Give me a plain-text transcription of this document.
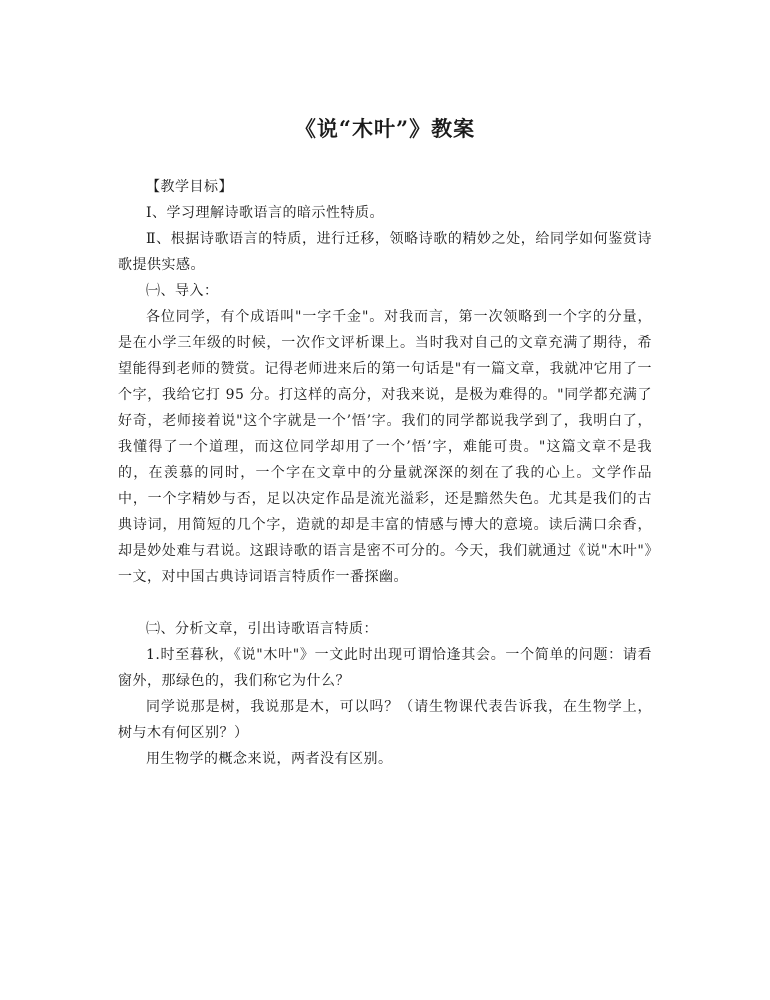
《说“木叶”》教案

【教学目标】

Ⅰ、学习理解诗歌语言的暗示性特质。

Ⅱ、根据诗歌语言的特质，进行迁移，领略诗歌的精妙之处，给同学如何鉴赏诗歌提供实感。

㈠、导入：

各位同学，有个成语叫"一字千金"。对我而言，第一次领略到一个字的分量，是在小学三年级的时候，一次作文评析课上。当时我对自己的文章充满了期待，希望能得到老师的赞赏。记得老师进来后的第一句话是"有一篇文章，我就冲它用了一个字，我给它打 95 分。打这样的高分，对我来说，是极为难得的。"同学都充满了好奇，老师接着说"这个字就是一个’悟’字。我们的同学都说我学到了，我明白了，我懂得了一个道理，而这位同学却用了一个’悟’字，难能可贵。"这篇文章不是我的，在羡慕的同时，一个字在文章中的分量就深深的刻在了我的心上。文学作品中，一个字精妙与否，足以决定作品是流光溢彩，还是黯然失色。尤其是我们的古典诗词，用简短的几个字，造就的却是丰富的情感与博大的意境。读后满口余香，却是妙处难与君说。这跟诗歌的语言是密不可分的。今天，我们就通过《说"木叶"》一文，对中国古典诗词语言特质作一番探幽。

㈡、分析文章，引出诗歌语言特质：

1.时至暮秋，《说"木叶"》一文此时出现可谓恰逢其会。一个简单的问题：请看窗外，那绿色的，我们称它为什么？

同学说那是树，我说那是木，可以吗？（请生物课代表告诉我，在生物学上，树与木有何区别？）

用生物学的概念来说，两者没有区别。
